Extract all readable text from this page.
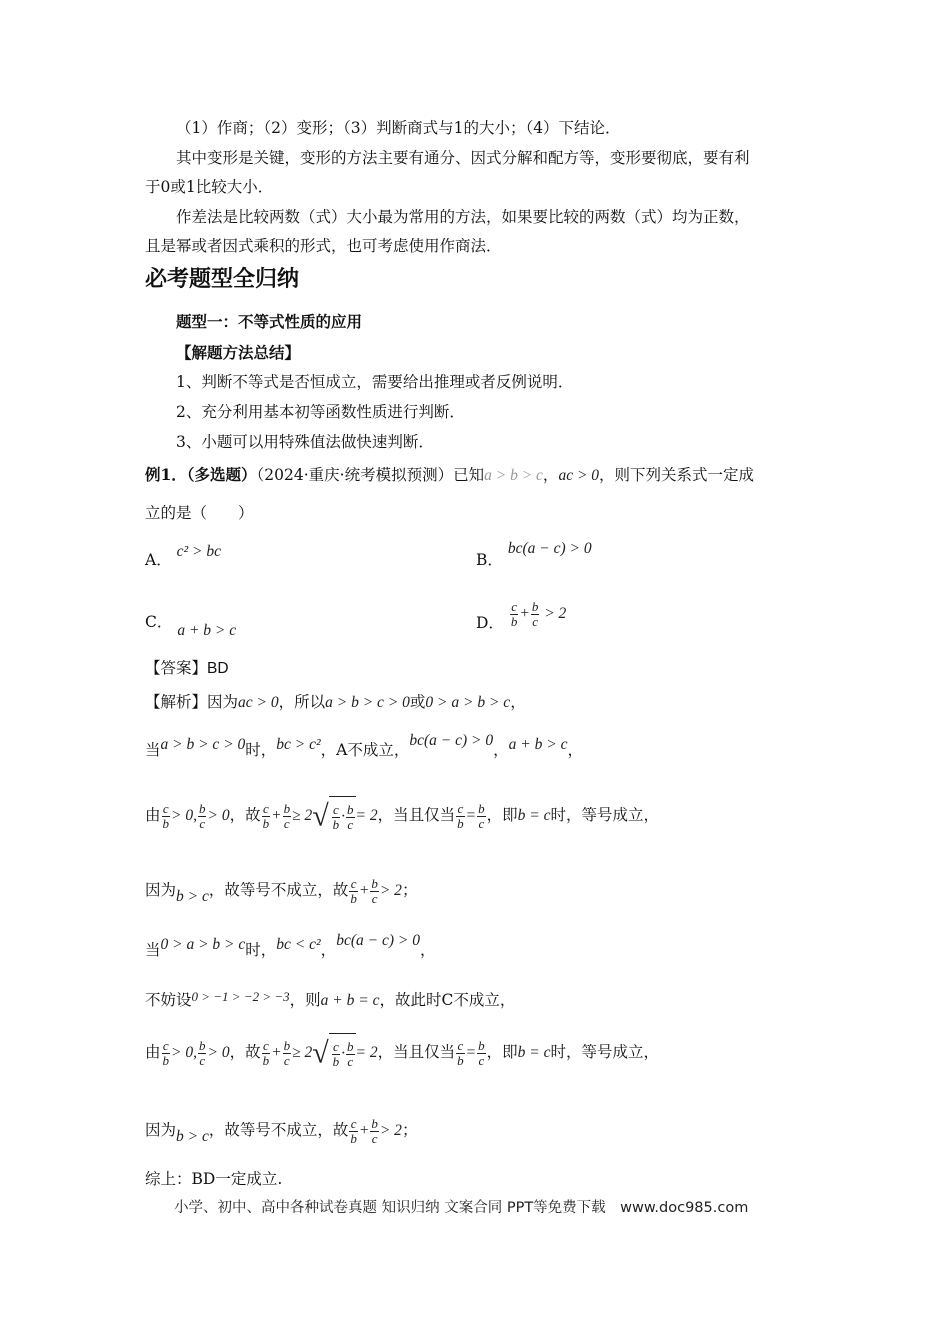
（1）作商；（2）变形；（3）判断商式与1的大小；（4）下结论．
其中变形是关键，变形的方法主要有通分、因式分解和配方等，变形要彻底，要有利
于0或1比较大小．
作差法是比较两数（式）大小最为常用的方法，如果要比较的两数（式）均为正数，
且是幂或者因式乘积的形式，也可考虑使用作商法．
必考题型全归纳
题型一：不等式性质的应用
【解题方法总结】
1、判断不等式是否恒成立，需要给出推理或者反例说明．
2、充分利用基本初等函数性质进行判断．
3、小题可以用特殊值法做快速判断．
例1．（多选题）（2024·重庆·统考模拟预测）已知a > b > c，ac > 0，则下列关系式一定成
立的是（　　）
A． c² > bc	B． bc(a − c) > 0
C． a + b > c	D． $\frac{c}{b} + \frac{b}{c} > 2$
【答案】BD
【解析】因为ac > 0，所以a > b > c > 0或0 > a > b > c，
当a > b > c > 0时，bc > c²，A不成立，bc(a − c) > 0，a + b > c，
由 $\frac{c}{b} > 0$, $\frac{b}{c} > 0$，故 $\frac{c}{b} + \frac{b}{c} \ge 2√ \frac{c}{b} \cdot \frac{b}{c} = 2$，当且仅当 $\frac{c}{b} = \frac{b}{c}$ ，即b = c时，等号成立，
因为b > c，故等号不成立，故 $\frac{c}{b} + \frac{b}{c} > 2$；
当0 > a > b > c时，bc < c²，bc(a − c) > 0，
不妨设$^{0 > -1 > -2 > -3}$，则a + b = c，故此时C不成立，
由 $\frac{c}{b} > 0$, $\frac{b}{c} > 0$，故 $\frac{c}{b} + \frac{b}{c} \ge 2√ \frac{c}{b} \cdot \frac{b}{c} = 2$，当且仅当 $\frac{c}{b} = \frac{b}{c}$ ，即b = c时，等号成立，
因为b > c，故等号不成立，故 $\frac{c}{b} + \frac{b}{c} > 2$；
综上：BD一定成立.
小学、初中、高中各种试卷真题 知识归纳 文案合同 PPT等免费下载　www.doc985.com
